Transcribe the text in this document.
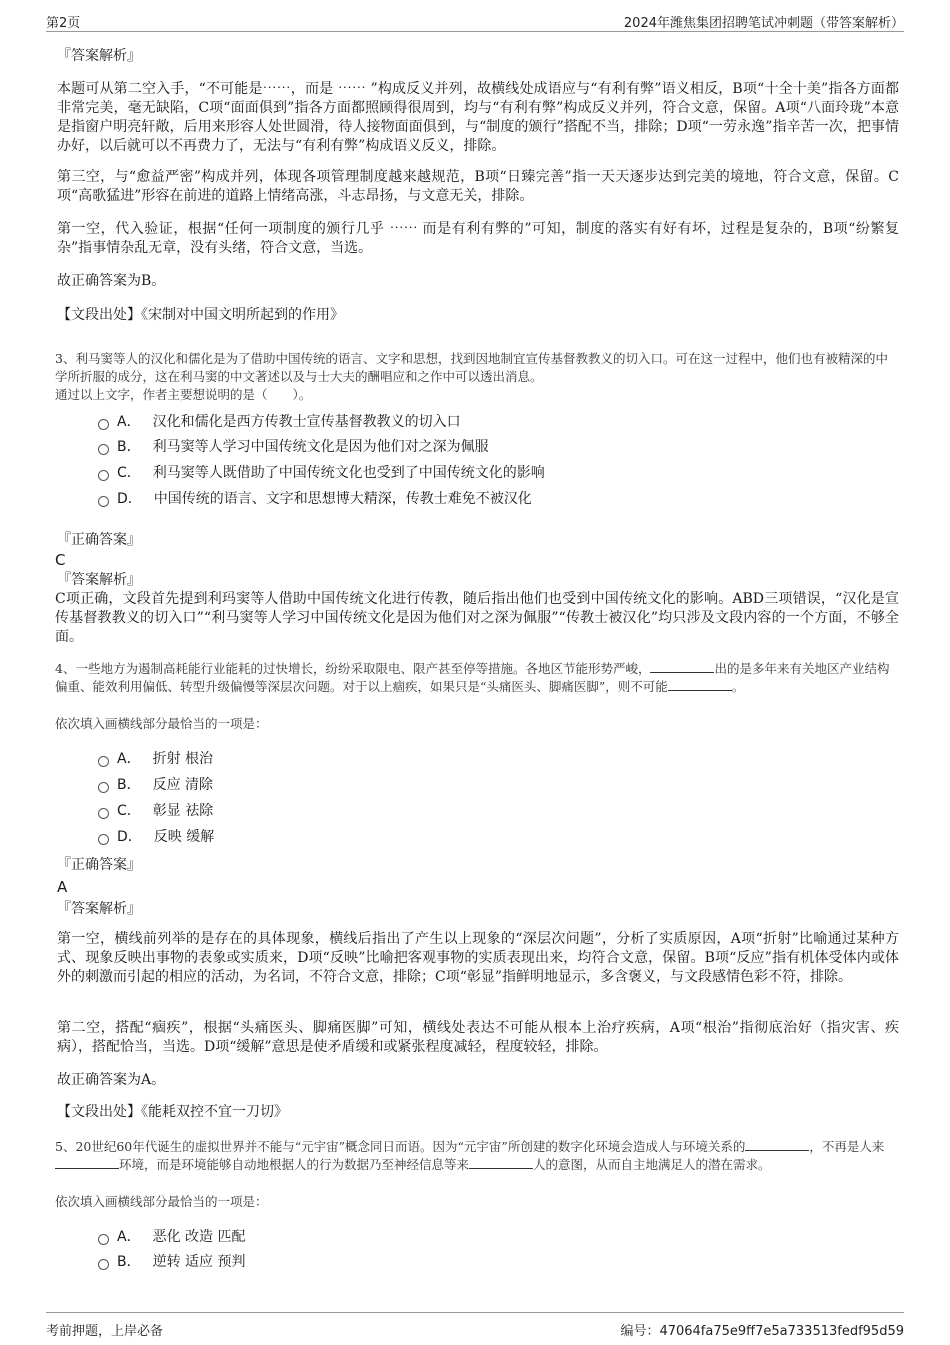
第2页	2024年潍焦集团招聘笔试冲刺题（带答案解析）

『答案解析』

本题可从第二空入手，“不可能是⋯⋯，而是 ⋯⋯ ”构成反义并列，故横线处成语应与“有利有弊”语义相反，B项“十全十美”指各方面都非常完美，毫无缺陷，C项“面面俱到”指各方面都照顾得很周到，均与“有利有弊”构成反义并列，符合文意，保留。A项“八面玲珑”本意是指窗户明亮轩敞，后用来形容人处世圆滑，待人接物面面俱到，与“制度的颁行”搭配不当，排除；D项“一劳永逸”指辛苦一次，把事情办好，以后就可以不再费力了，无法与“有利有弊”构成语义反义，排除。

第三空，与“愈益严密”构成并列，体现各项管理制度越来越规范，B项“日臻完善”指一天天逐步达到完美的境地，符合文意，保留。C项“高歌猛进”形容在前进的道路上情绪高涨，斗志昂扬，与文意无关，排除。

第一空，代入验证，根据“任何一项制度的颁行几乎 ⋯⋯ 而是有利有弊的”可知，制度的落实有好有坏，过程是复杂的，B项“纷繁复杂”指事情杂乱无章，没有头绪，符合文意，当选。

故正确答案为B。

【文段出处】《宋制对中国文明所起到的作用》

3、利马窦等人的汉化和儒化是为了借助中国传统的语言、文字和思想，找到因地制宜宣传基督教教义的切入口。可在这一过程中，他们也有被精深的中学所折服的成分，这在利马窦的中文著述以及与士大夫的酬唱应和之作中可以透出消息。

通过以上文字，作者主要想说明的是（　　）。

A． 汉化和儒化是西方传教士宣传基督教教义的切入口
B． 利马窦等人学习中国传统文化是因为他们对之深为佩服
C． 利马窦等人既借助了中国传统文化也受到了中国传统文化的影响
D． 中国传统的语言、文字和思想博大精深，传教士难免不被汉化

『正确答案』

C

『答案解析』

C项正确，文段首先提到利玛窦等人借助中国传统文化进行传教，随后指出他们也受到中国传统文化的影响。ABD三项错误，“汉化是宣传基督教教义的切入口”“利马窦等人学习中国传统文化是因为他们对之深为佩服”“传教士被汉化”均只涉及文段内容的一个方面，不够全面。

4、一些地方为遏制高耗能行业能耗的过快增长，纷纷采取限电、限产甚至停等措施。各地区节能形势严峻，	出的是多年来有关地区产业结构偏重、能效利用偏低、转型升级偏慢等深层次问题。对于以上痼疾，如果只是“头痛医头、脚痛医脚”，则不可能	。

依次填入画横线部分最恰当的一项是：

A． 折射 根治
B． 反应 清除
C． 彰显 祛除
D． 反映 缓解

『正确答案』

A

『答案解析』

第一空，横线前列举的是存在的具体现象，横线后指出了产生以上现象的“深层次问题”，分析了实质原因，A项“折射”比喻通过某种方式、现象反映出事物的表象或实质来，D项“反映”比喻把客观事物的实质表现出来，均符合文意，保留。B项“反应”指有机体受体内或体外的刺激而引起的相应的活动，为名词，不符合文意，排除；C项“彰显”指鲜明地显示，多含褒义，与文段感情色彩不符，排除。

第二空，搭配“痼疾”，根据“头痛医头、脚痛医脚”可知，横线处表达不可能从根本上治疗疾病，A项“根治”指彻底治好（指灾害、疾病），搭配恰当，当选。D项“缓解”意思是使矛盾缓和或紧张程度减轻，程度较轻，排除。

故正确答案为A。

【文段出处】《能耗双控不宜一刀切》

5、20世纪60年代诞生的虚拟世界并不能与“元宇宙”概念同日而语。因为“元宇宙”所创建的数字化环境会造成人与环境关系的	，不再是人来环境，而是环境能够自动地根据人的行为数据乃至神经信息等来	人的意图，从而自主地满足人的潜在需求。

依次填入画横线部分最恰当的一项是：

A． 恶化 改造 匹配
B． 逆转 适应 预判
考前押题，上岸必备	编号：47064fa75e9ff7e5a733513fedf95d59
